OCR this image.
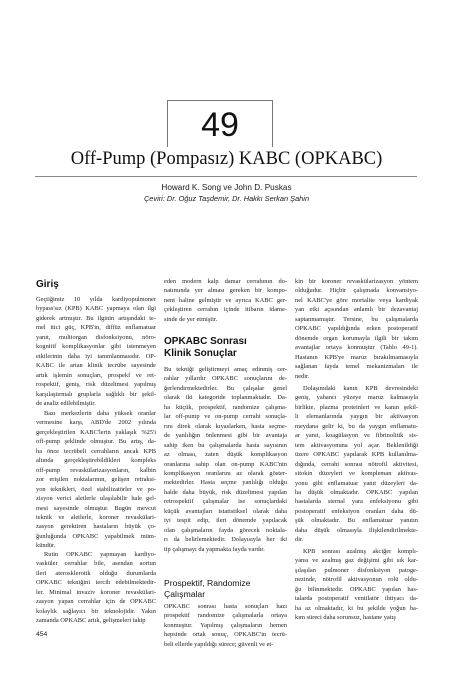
49
Off-Pump (Pompasız) KABC (OPKABC)
Howard K. Song ve John D. Puskas
Çeviri: Dr. Oğuz Taşdemir, Dr. Hakkı Serkan Şahin
Giriş
Geçtiğimiz 10 yılda kardiyopulmoner
bypass'sız (KPB) KABC yapmaya olan ilgi
giderek artmıştır. Bu ilginin artışındaki te-
mel itici güç, KPB'in, diffüz enflamatuar
yanıt, multiorgan disfonksiyonu, nöro-
kognitif komplikasyonlar gibi istenmeyen
etkilerinin daha iyi tanımlanmasıdır. OP-
KABC ile artan klinik tecrübe sayesinde
artık işlemin sonuçları, prospekf ve ret-
rospektif, geniş, risk düzeltmesi yapılmış
karşılaştırmalı gruplarla sağlıklı bir şekil-
de analiz edilebilmiştir.
Bazı merkezlerin daha yüksek oranlar
vermesine karşı, ABD'de 2002 yılında
gerçekleştirilen KABC'lerin yaklaşık %25'i
off-pump şeklinde olmuştur. Bu artış, da-
ha önce tecrübeli cerrahların ancak KPB
altında gerçekleştirebildikleri kompleks
off-pump revaskülarizasyonların, kalbin
zor erişilen noktalarının, gelişen retraksi-
yon teknikleri, özel stabilizatörler ve po-
zisyon verici aletlerle ulaşılabilir hale gel-
mesi sayesinde olmuştur. Bugün mevcut
teknik ve aletlerle, koroner revaskülari-
zasyon gerektiren hastaların büyük ço-
ğunluğunda OPKABC yapabilmek müm-
kündür.
Rutin OPKABC yapmayan kardiyo-
vasküler cerrahlar bile, asendan aortun
ileri aterosklerotik olduğu durumlarda
OPKABC tekniğini tercih edebilmektedir-
ler. Minimal invaziv koroner revaskülari-
zasyon yapan cerrahlar için de OPKABC
kolaylık sağlayıcı bir teknolojidir. Yakın
zamanda OPKABC artık, gelişmeleri takip
eden modern kalp damar cerrahının do-
natımında yer alması gereken bir kompo-
nent haline gelmiştir ve ayrıca KABC ger-
çekleştiren cerrahın içinde itibarın idame-
sinde de yer etmiştir.
OPKABC Sonrası
Klinik Sonuçlar
Bu tekniği geliştirmeyi amaç edinmiş cer-
rahlar yıllardır OPKABC sonuçlarını de-
ğerlendirmektedirler. Bu çalışalar genel
olarak iki kategoride toplanmaktadır. Da-
ha küçük, prospektif, randomize çalışma-
lar off-pump ve on-pump cerrahi sonuçla-
rını direk olarak kıyaslarken, hasta seçme-
de yanlılığın önlenmesi gibi bir avantaja
sahip iken bu çalışmalarda hasta sayısının
az olması, zaten düşük komplikasyon
oranlarına sahip olan on-pump KABC'nin
komplikasyon oranlarını az olarak göster-
mektedirler. Hasta seçme yanlılığı olduğu
halde daha büyük, risk düzeltmesi yapılan
retrospektif çalışmalar ise sonuçlardaki
küçük avantajları istatistiksel olarak daha
iyi tespit edip, ileri dönemde yapılacak
olan çalışmaların fayda görecek noktala-
rı da belirlemektedir. Dolayısıyla her iki
tip çalışmayı da yapmakta fayda vardır.
Prospektif, Randomize
Çalışmalar
OPKABC sonrası hasta sonuçları hazı
prospektif randomize çalışmalarla ortaya
konmuştur. Yapılmış çalışmaların hemen
hepsinde ortak sonuç, OPKABC'in tecrü-
beli ellerde yapıldığı sürece; güvenli ve et-
kin bir koroner revaskülarizasyon yöntem
olduğudur. Hiçbir çalışmada konvansiyo-
nel KABC'ye göre mortalite veya kardiyak
yan etki açısından anlamlı bir dezavantaj
saptanmamıştır. Tersine, bu çalışmalarda
OPKABC yapıldığında erken postoperatif
dönemde organ korumayla ilgili bir takım
avantajlar ortaya konmuştur (Tablo 49-1).
Hastanın KPB'ye maruz bırakılmamasıyla
sağlanan fayda temel mekanizmaları ile
nedir.
Dolaşımdaki kanın KPB devresindeki
geniş, yabancı yüzeye maruz kalmasıyla
birlikte, plazma proteinleri ve kanın şekil-
li elemanlarında yaygın bir aktivasyon
meydana gelir ki, bu da yaygın enflamatu-
ar yanıt, koagülasyon ve fibrinolitik sis-
tem aktivasyonuna yol açar. Beklenildiği
üzere OPKABC yapılarak KPB kullanılma-
dığında, cerrahi sonrası nötrofil aktivitesi,
sitokin düzeyleri ve kompleman aktivas-
yonu gibi enflamatuar yanıt düzeyleri da-
ha düşük olmaktadır. OPKABC yapılan
hastalarda sternal yara enfeksiyonu gibi
postoperatif enfeksiyon oranları daha dü-
şük olmaktadır. Bu enflamatuar yanıtın
daha düşük olmasıyla ilişkilendirilmekte-
dir.
KPB sonrası azalmış akciğer komplı-
yansı ve azalmış gaz değişimi gibi sık kar-
şılaşılan pulmoner disfonksiyon patoge-
nezinde, nötrofil aktivasyonun rolü oldu-
ğu bilinmektedir. OPKABC yapılan has-
talarda postoperatif ventilatör ihtiyacı da-
ha az olmaktadır, ki bu şekilde yoğun ba-
kım süreci daha sorunsuz, hastane yatış
454
